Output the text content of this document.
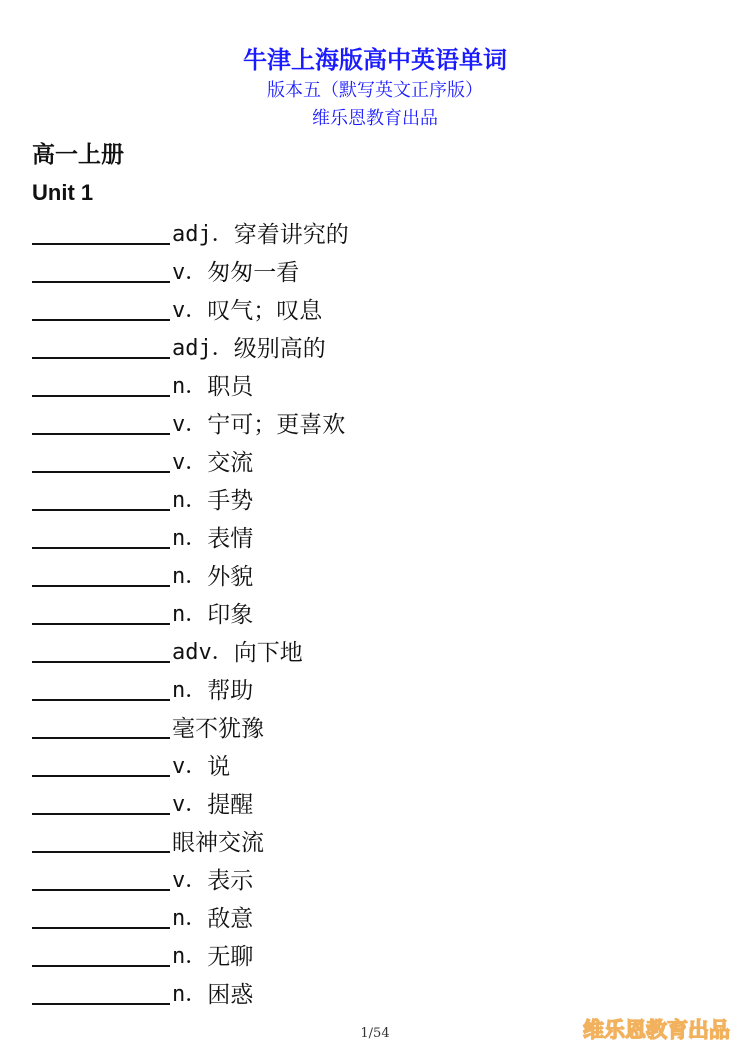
牛津上海版高中英语单词
版本五（默写英文正序版）
维乐恩教育出品
高一上册
Unit 1
adj． 穿着讲究的
v． 匆匆一看
v． 叹气；叹息
adj． 级别高的
n． 职员
v． 宁可；更喜欢
v． 交流
n． 手势
n． 表情
n． 外貌
n． 印象
adv． 向下地
n． 帮助
毫不犹豫
v． 说
v． 提醒
眼神交流
v． 表示
n． 敌意
n． 无聊
n． 困惑
1/54	维乐恩教育出品
